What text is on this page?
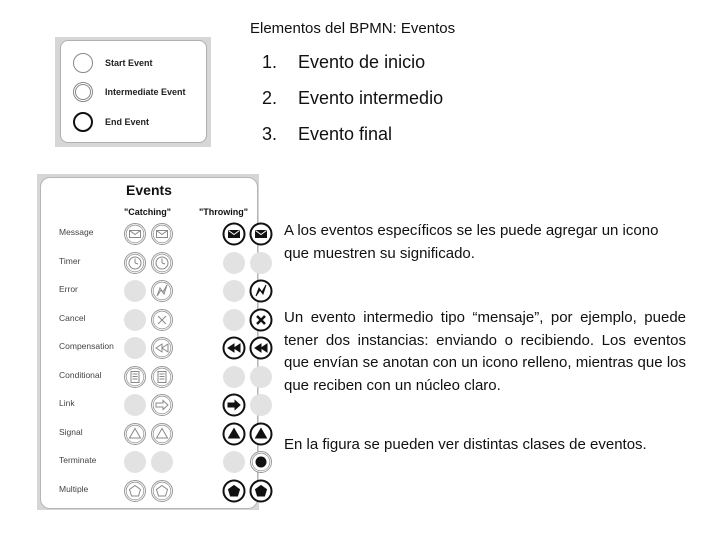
Elementos del BPMN: Eventos
Start Event
Intermediate Event
End Event
1.	Evento de inicio
2.	Evento intermedio
3.	Evento final
Events
"Catching"	"Throwing"
Message
Timer
Error
Cancel
Compensation
Conditional
Link
Signal
Terminate
Multiple
A los eventos específicos se les puede agregar un icono que muestren su significado.
Un evento intermedio tipo “mensaje”, por ejemplo, puede tener dos instancias: enviando o recibiendo. Los eventos que envían se anotan con un icono relleno, mientras que los que reciben con un núcleo claro.
En la figura se pueden ver distintas clases de eventos.
